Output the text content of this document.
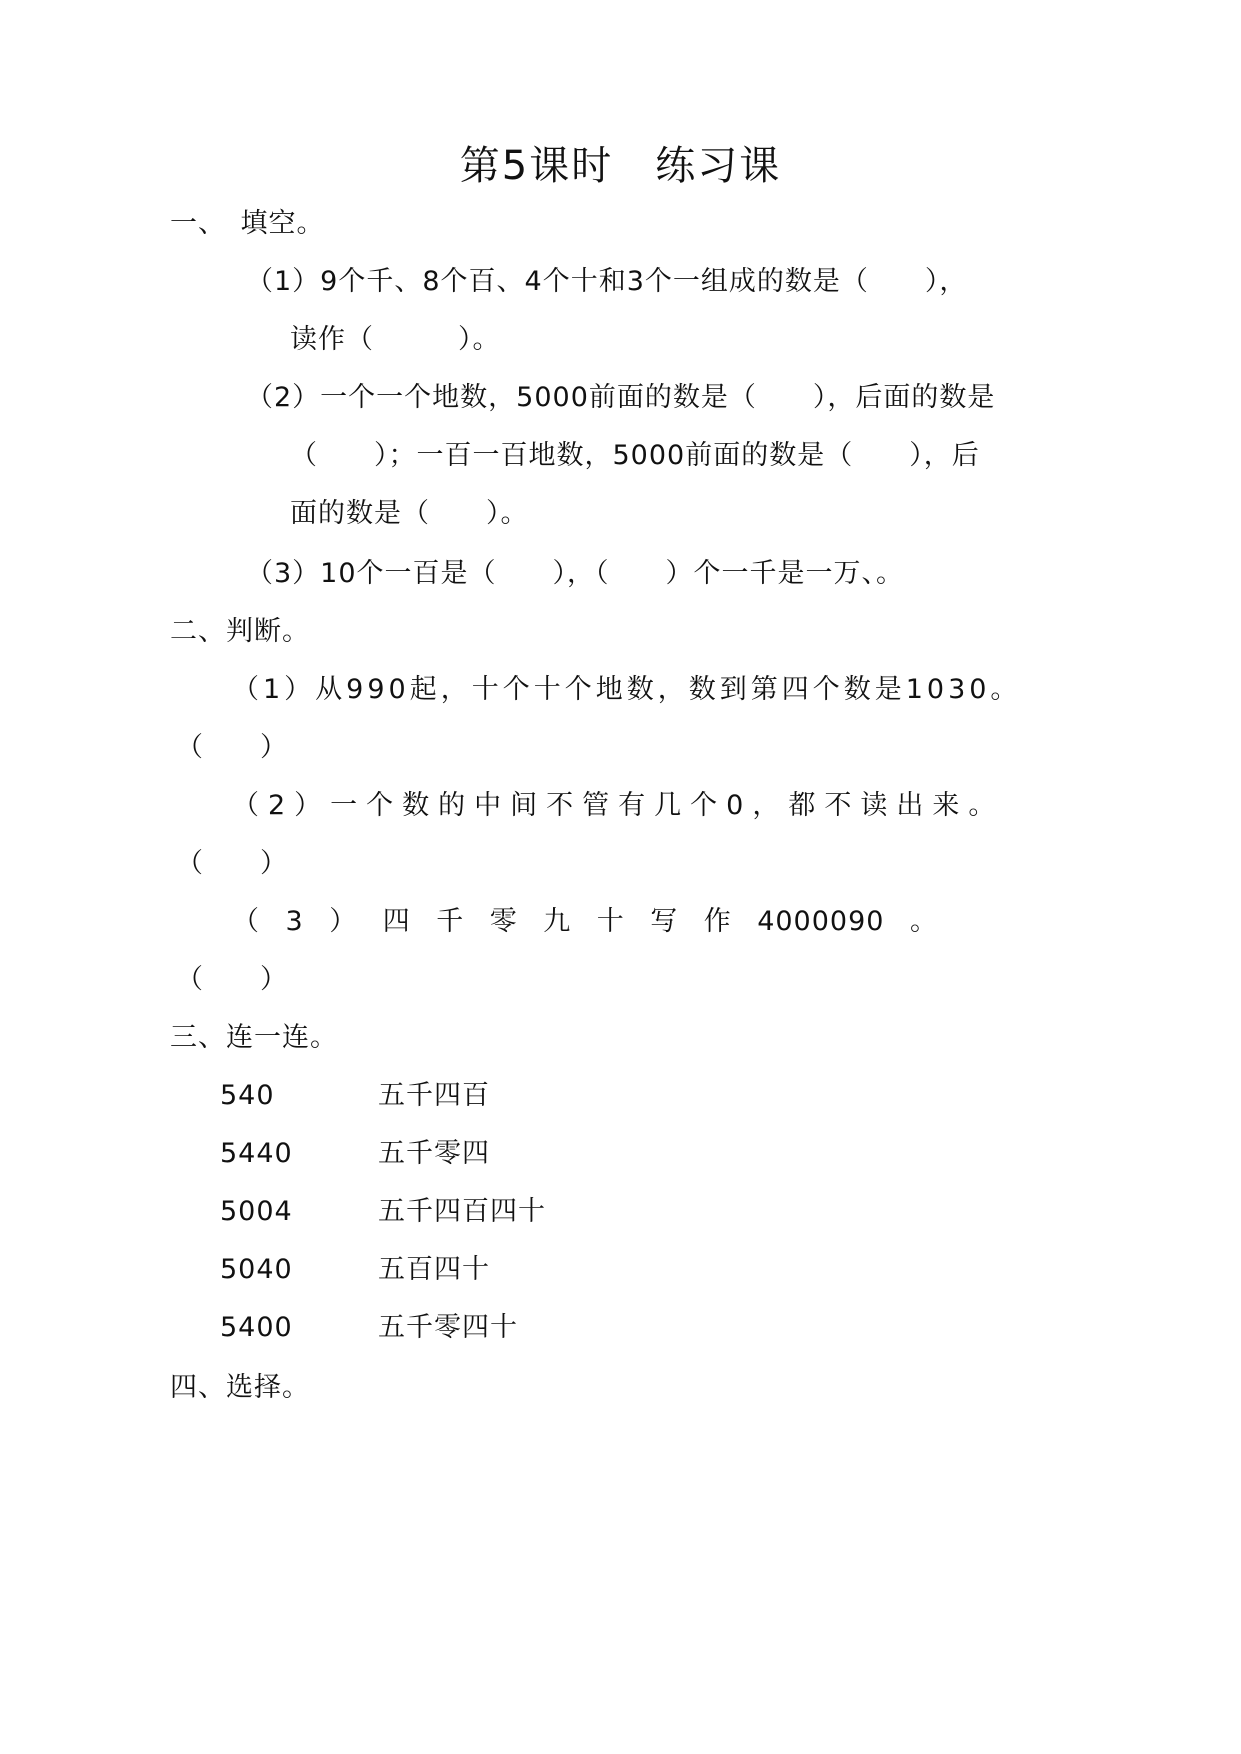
第5课时　练习课
一、　填空。
（1）9个千、8个百、4个十和3个一组成的数是（　　），
读作（　　　）。
（2）一个一个地数，5000前面的数是（　　），后面的数是
（　　）；一百一百地数，5000前面的数是（　　），后
面的数是（　　）。
（3）10个一百是（　　），（　　）个一千是一万、。
二、判断。
（1）从990起，十个十个地数，数到第四个数是1030。
（　　）
（2）一个数的中间不管有几个0，都不读出来。
（　　）
（ 3 ） 四 千 零 九 十 写 作 4000090 。
（　　）
三、连一连。
540	五千四百
5440	五千零四
5004	五千四百四十
5040	五百四十
5400	五千零四十
四、选择。
